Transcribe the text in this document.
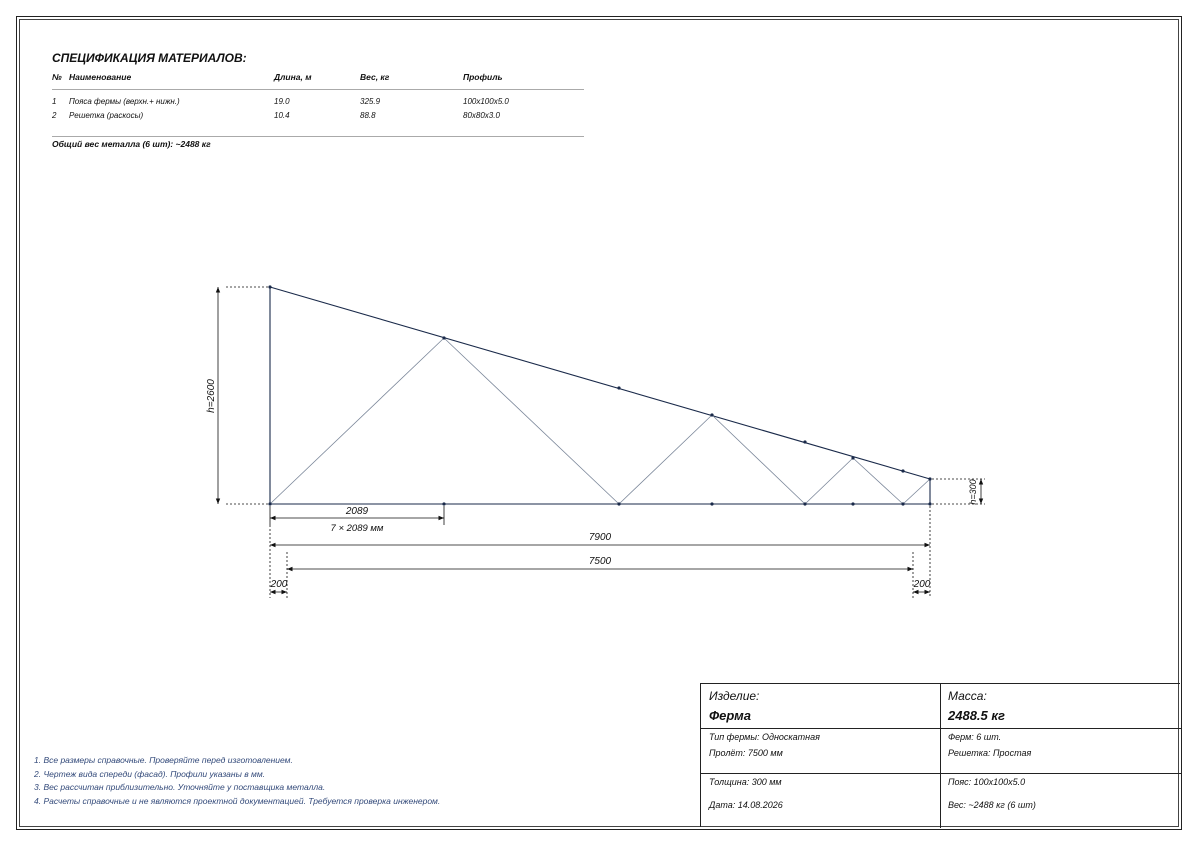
СПЕЦИФИКАЦИЯ МАТЕРИАЛОВ:
№	Наименование	Длина, м	Вес, кг	Профиль
1	Пояса фермы (верхн.+ нижн.)	19.0	325.9	100x100x5.0
2	Решетка (раскосы)	10.4	88.8	80x80x3.0
Общий вес металла (6 шт): ~2488 кг
h=2600
h=300
2089
7 × 2089 мм
7900
7500
200	200
1. Все размеры справочные. Проверяйте перед изготовлением.
2. Чертеж вида спереди (фасад). Профили указаны в мм.
3. Вес рассчитан приблизительно. Уточняйте у поставщика металла.
4. Расчеты справочные и не являются проектной документацией. Требуется проверка инженером.
Изделие:
Ферма
Масса:
2488.5 кг
Тип фермы: Односкатная
Пролёт: 7500 мм
Ферм: 6 шт.
Решетка: Простая
Толщина: 300 мм
Дата: 14.08.2026
Пояс: 100x100x5.0
Вес: ~2488 кг (6 шт)
